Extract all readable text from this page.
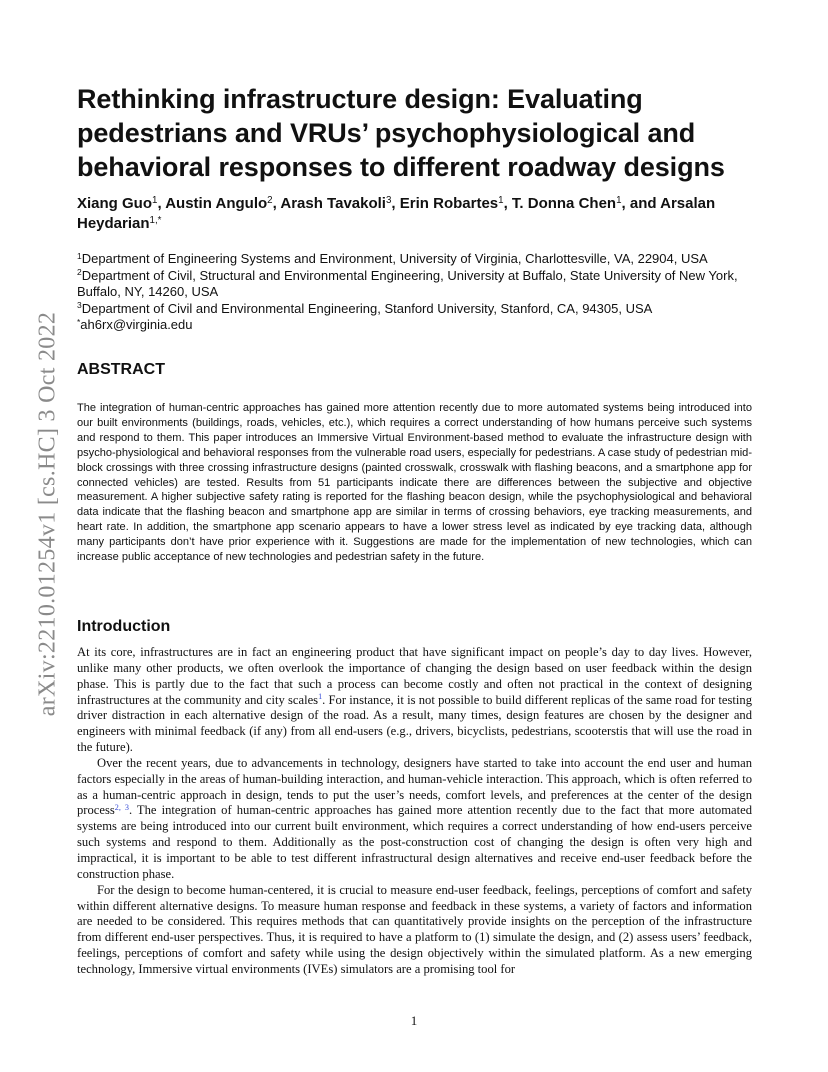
arXiv:2210.01254v1 [cs.HC] 3 Oct 2022
Rethinking infrastructure design: Evaluating pedestrians and VRUs’ psychophysiological and behavioral responses to different roadway designs
Xiang Guo$^1$, Austin Angulo$^2$, Arash Tavakoli$^3$, Erin Robartes$^1$, T. Donna Chen$^1$, and Arsalan Heydarian$^{1,*}$
$^1$Department of Engineering Systems and Environment, University of Virginia, Charlottesville, VA, 22904, USA
$^2$Department of Civil, Structural and Environmental Engineering, University at Buffalo, State University of New York, Buffalo, NY, 14260, USA
$^3$Department of Civil and Environmental Engineering, Stanford University, Stanford, CA, 94305, USA
*ah6rx@virginia.edu
ABSTRACT

The integration of human-centric approaches has gained more attention recently due to more automated systems being introduced into our built environments (buildings, roads, vehicles, etc.), which requires a correct understanding of how humans perceive such systems and respond to them. This paper introduces an Immersive Virtual Environment-based method to evaluate the infrastructure design with psycho-physiological and behavioral responses from the vulnerable road users, especially for pedestrians. A case study of pedestrian mid-block crossings with three crossing infrastructure designs (painted crosswalk, crosswalk with flashing beacons, and a smartphone app for connected vehicles) are tested. Results from 51 participants indicate there are differences between the subjective and objective measurement. A higher subjective safety rating is reported for the flashing beacon design, while the psychophysiological and behavioral data indicate that the flashing beacon and smartphone app are similar in terms of crossing behaviors, eye tracking measurements, and heart rate. In addition, the smartphone app scenario appears to have a lower stress level as indicated by eye tracking data, although many participants don’t have prior experience with it. Suggestions are made for the implementation of new technologies, which can increase public acceptance of new technologies and pedestrian safety in the future.

Introduction

At its core, infrastructures are in fact an engineering product that have significant impact on people’s day to day lives. However, unlike many other products, we often overlook the importance of changing the design based on user feedback within the design phase. This is partly due to the fact that such a process can become costly and often not practical in the context of designing infrastructures at the community and city scales$^1$. For instance, it is not possible to build different replicas of the same road for testing driver distraction in each alternative design of the road. As a result, many times, design features are chosen by the designer and engineers with minimal feedback (if any) from all end-users (e.g., drivers, bicyclists, pedestrians, scooterstis that will use the road in the future).

Over the recent years, due to advancements in technology, designers have started to take into account the end user and human factors especially in the areas of human-building interaction, and human-vehicle interaction. This approach, which is often referred to as a human-centric approach in design, tends to put the user’s needs, comfort levels, and preferences at the center of the design process$^{2, 3}$. The integration of human-centric approaches has gained more attention recently due to the fact that more automated systems are being introduced into our current built environment, which requires a correct understanding of how end-users perceive such systems and respond to them. Additionally as the post-construction cost of changing the design is often very high and impractical, it is important to be able to test different infrastructural design alternatives and receive end-user feedback before the construction phase.

For the design to become human-centered, it is crucial to measure end-user feedback, feelings, perceptions of comfort and safety within different alternative designs. To measure human response and feedback in these systems, a variety of factors and information are needed to be considered. This requires methods that can quantitatively provide insights on the perception of the infrastructure from different end-user perspectives. Thus, it is required to have a platform to (1) simulate the design, and (2) assess users’ feedback, feelings, perceptions of comfort and safety while using the design objectively within the simulated platform. As a new emerging technology, Immersive virtual environments (IVEs) simulators are a promising tool for

1
